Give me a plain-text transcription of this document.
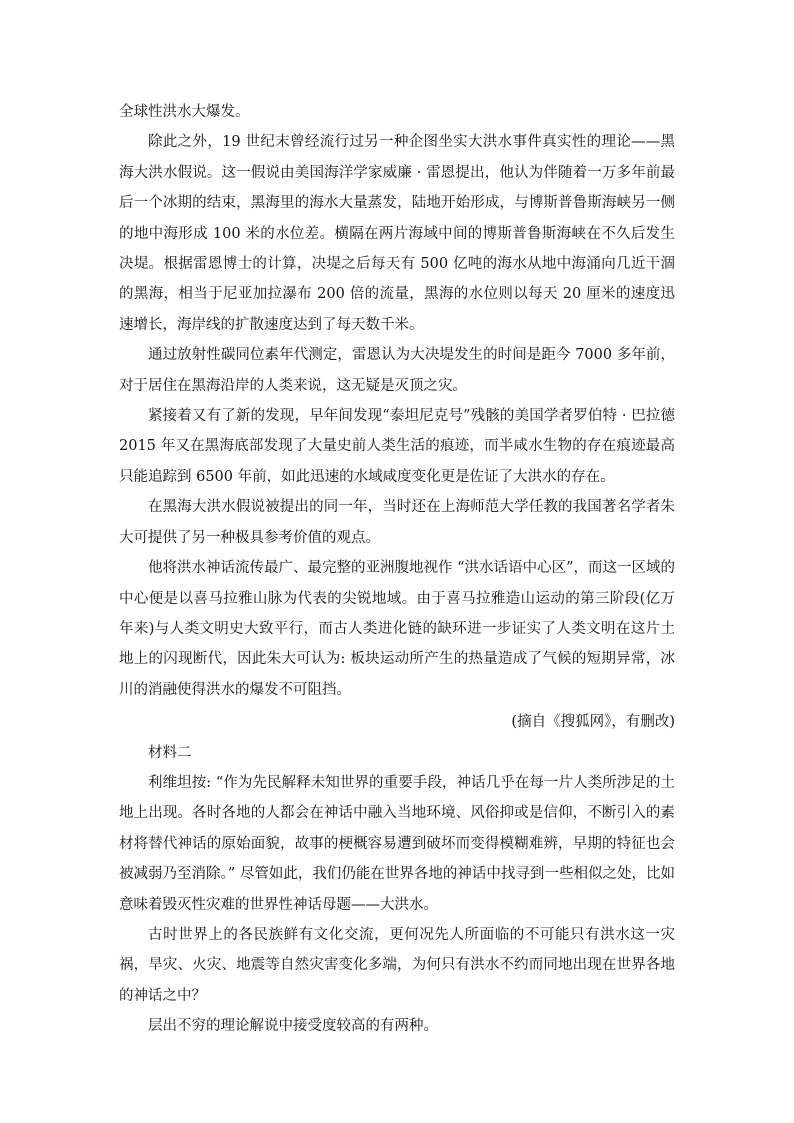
全球性洪水大爆发。

除此之外，19 世纪末曾经流行过另一种企图坐实大洪水事件真实性的理论——黑海大洪水假说。这一假说由美国海洋学家威廉 · 雷恩提出，他认为伴随着一万多年前最后一个冰期的结束，黑海里的海水大量蒸发，陆地开始形成，与博斯普鲁斯海峡另一侧的地中海形成 100 米的水位差。横隔在两片海域中间的博斯普鲁斯海峡在不久后发生决堤。根据雷恩博士的计算，决堤之后每天有 500 亿吨的海水从地中海涌向几近干涸的黑海，相当于尼亚加拉瀑布 200 倍的流量，黑海的水位则以每天 20 厘米的速度迅速增长，海岸线的扩散速度达到了每天数千米。

通过放射性碳同位素年代测定，雷恩认为大决堤发生的时间是距今 7000 多年前，对于居住在黑海沿岸的人类来说，这无疑是灭顶之灾。

紧接着又有了新的发现，早年间发现“泰坦尼克号”残骸的美国学者罗伯特 · 巴拉德 2015 年又在黑海底部发现了大量史前人类生活的痕迹，而半咸水生物的存在痕迹最高只能追踪到 6500 年前，如此迅速的水域咸度变化更是佐证了大洪水的存在。

在黑海大洪水假说被提出的同一年，当时还在上海师范大学任教的我国著名学者朱大可提供了另一种极具参考价值的观点。

他将洪水神话流传最广、最完整的亚洲腹地视作 “洪水话语中心区”，而这一区域的中心便是以喜马拉雅山脉为代表的尖锐地域。由于喜马拉雅造山运动的第三阶段(亿万年来)与人类文明史大致平行，而古人类进化链的缺环进一步证实了人类文明在这片土地上的闪现断代，因此朱大可认为: 板块运动所产生的热量造成了气候的短期异常，冰川的消融使得洪水的爆发不可阻挡。

(摘自《搜狐网》，有删改)

材料二

利维坦按: “作为先民解释未知世界的重要手段，神话几乎在每一片人类所涉足的土地上出现。各时各地的人都会在神话中融入当地环境、风俗抑或是信仰，不断引入的素材将替代神话的原始面貌，故事的梗概容易遭到破坏而变得模糊难辨，早期的特征也会被减弱乃至消除。” 尽管如此，我们仍能在世界各地的神话中找寻到一些相似之处，比如意味着毁灭性灾难的世界性神话母题——大洪水。

古时世界上的各民族鲜有文化交流，更何况先人所面临的不可能只有洪水这一灾祸，旱灾、火灾、地震等自然灾害变化多端，为何只有洪水不约而同地出现在世界各地的神话之中？

层出不穷的理论解说中接受度较高的有两种。
